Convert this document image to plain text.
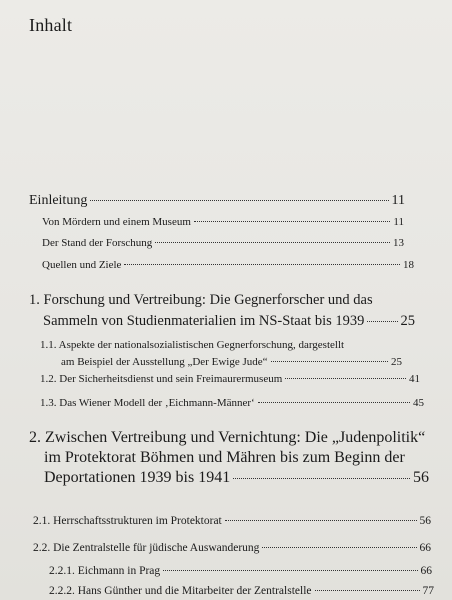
Inhalt
Einleitung	11
Von Mördern und einem Museum	11
Der Stand der Forschung	13
Quellen und Ziele	18
1. Forschung und Vertreibung: Die Gegnerforscher und das
Sammeln von Studienmaterialien im NS-Staat bis 1939 25
1.1. Aspekte der nationalsozialistischen Gegnerforschung, dargestellt
am Beispiel der Ausstellung „Der Ewige Jude“	25
1.2. Der Sicherheitsdienst und sein Freimaurermuseum	41
1.3. Das Wiener Modell der ‚Eichmann-Männer‘	45
2. Zwischen Vertreibung und Vernichtung: Die „Judenpolitik“
im Protektorat Böhmen und Mähren bis zum Beginn der
Deportationen 1939 bis 1941	56
2.1. Herrschaftsstrukturen im Protektorat	56
2.2. Die Zentralstelle für jüdische Auswanderung	66
2.2.1. Eichmann in Prag	66
2.2.2. Hans Günther und die Mitarbeiter der Zentralstelle	77
